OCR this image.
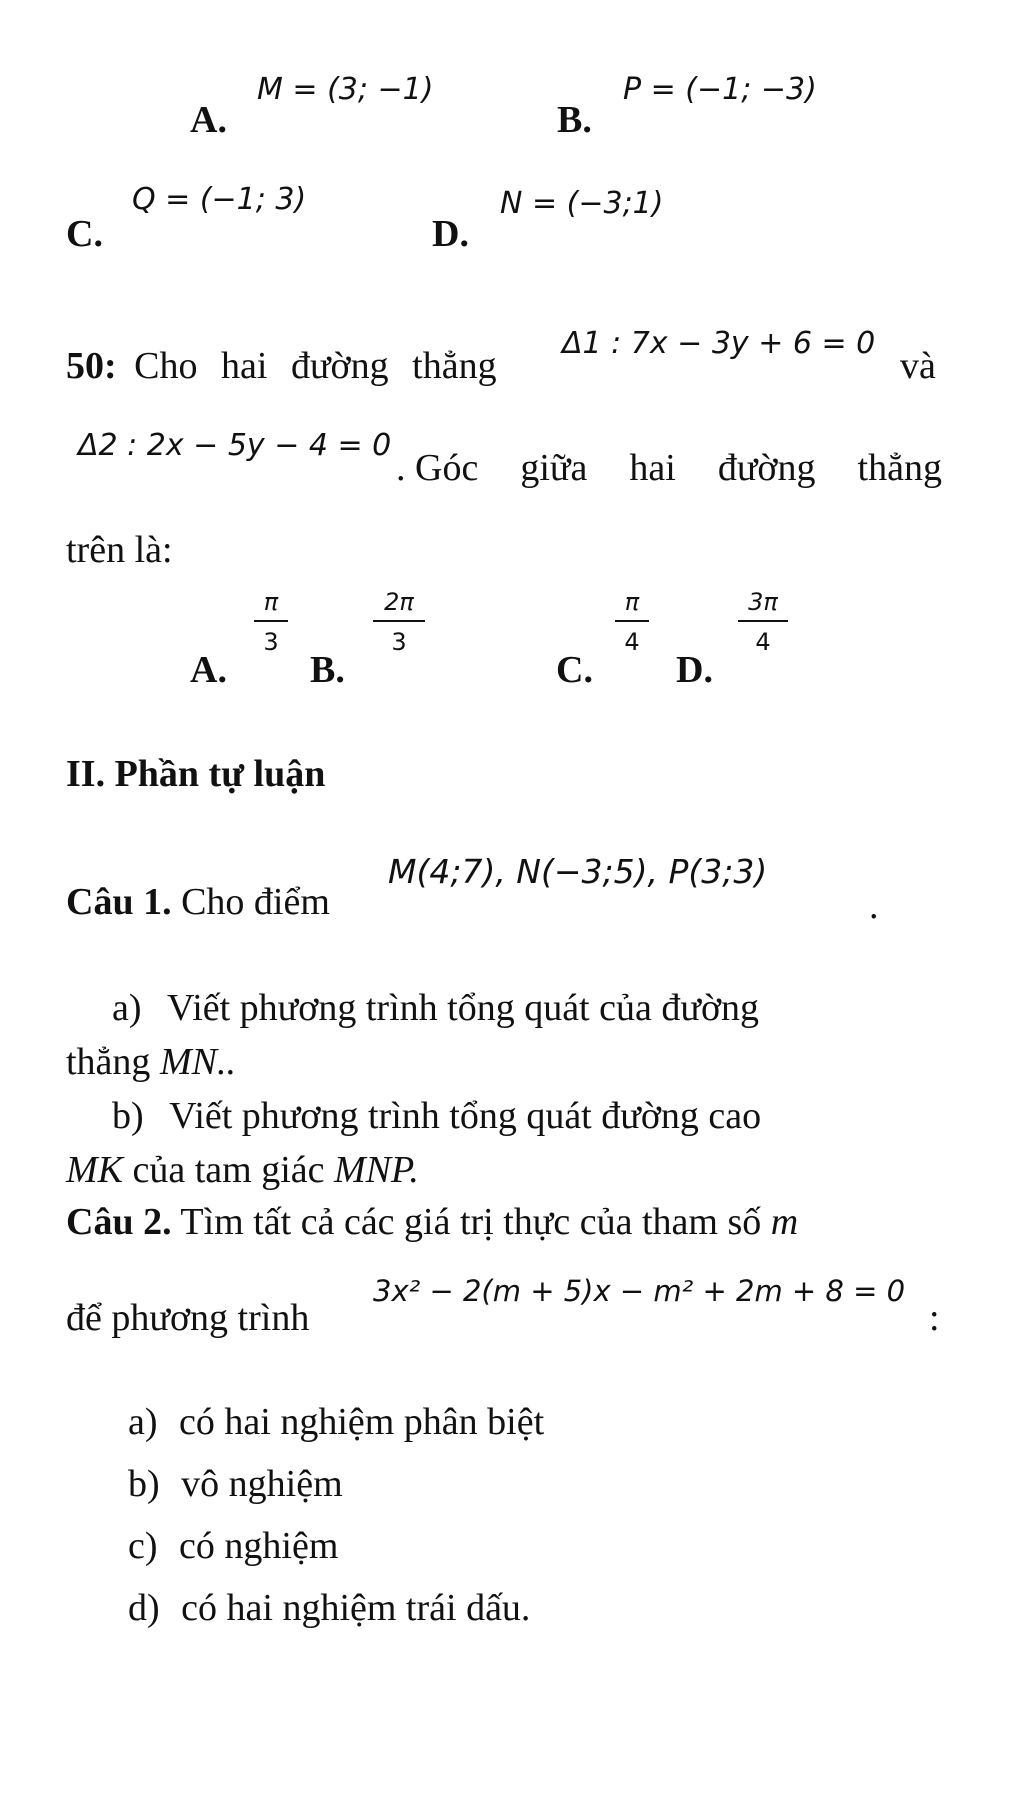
A.
M = (3; −1)
B.
P = (−1; −3)
C.
Q = (−1; 3)
D.
N = (−3;1)
50: Cho hai đường thẳng
Δ1 : 7x − 3y + 6 = 0
và
Δ2 : 2x − 5y − 4 = 0
. Góc giữa hai đường thẳng
trên là:
A.
$\frac{\pi}{3}$
B.
$\frac{2\pi}{3}$
C.
$\frac{\pi}{4}$
D.
$\frac{3\pi}{4}$
II. Phần tự luận
Câu 1. Cho điểm
M(4;7), N(−3;5), P(3;3)
.
a) Viết phương trình tổng quát của đường
thẳng MN..
b) Viết phương trình tổng quát đường cao
MK của tam giác MNP.
Câu 2. Tìm tất cả các giá trị thực của tham số m
để phương trình
3x² − 2(m + 5)x − m² + 2m + 8 = 0
:
a) có hai nghiệm phân biệt
b) vô nghiệm
c) có nghiệm
d) có hai nghiệm trái dấu.
